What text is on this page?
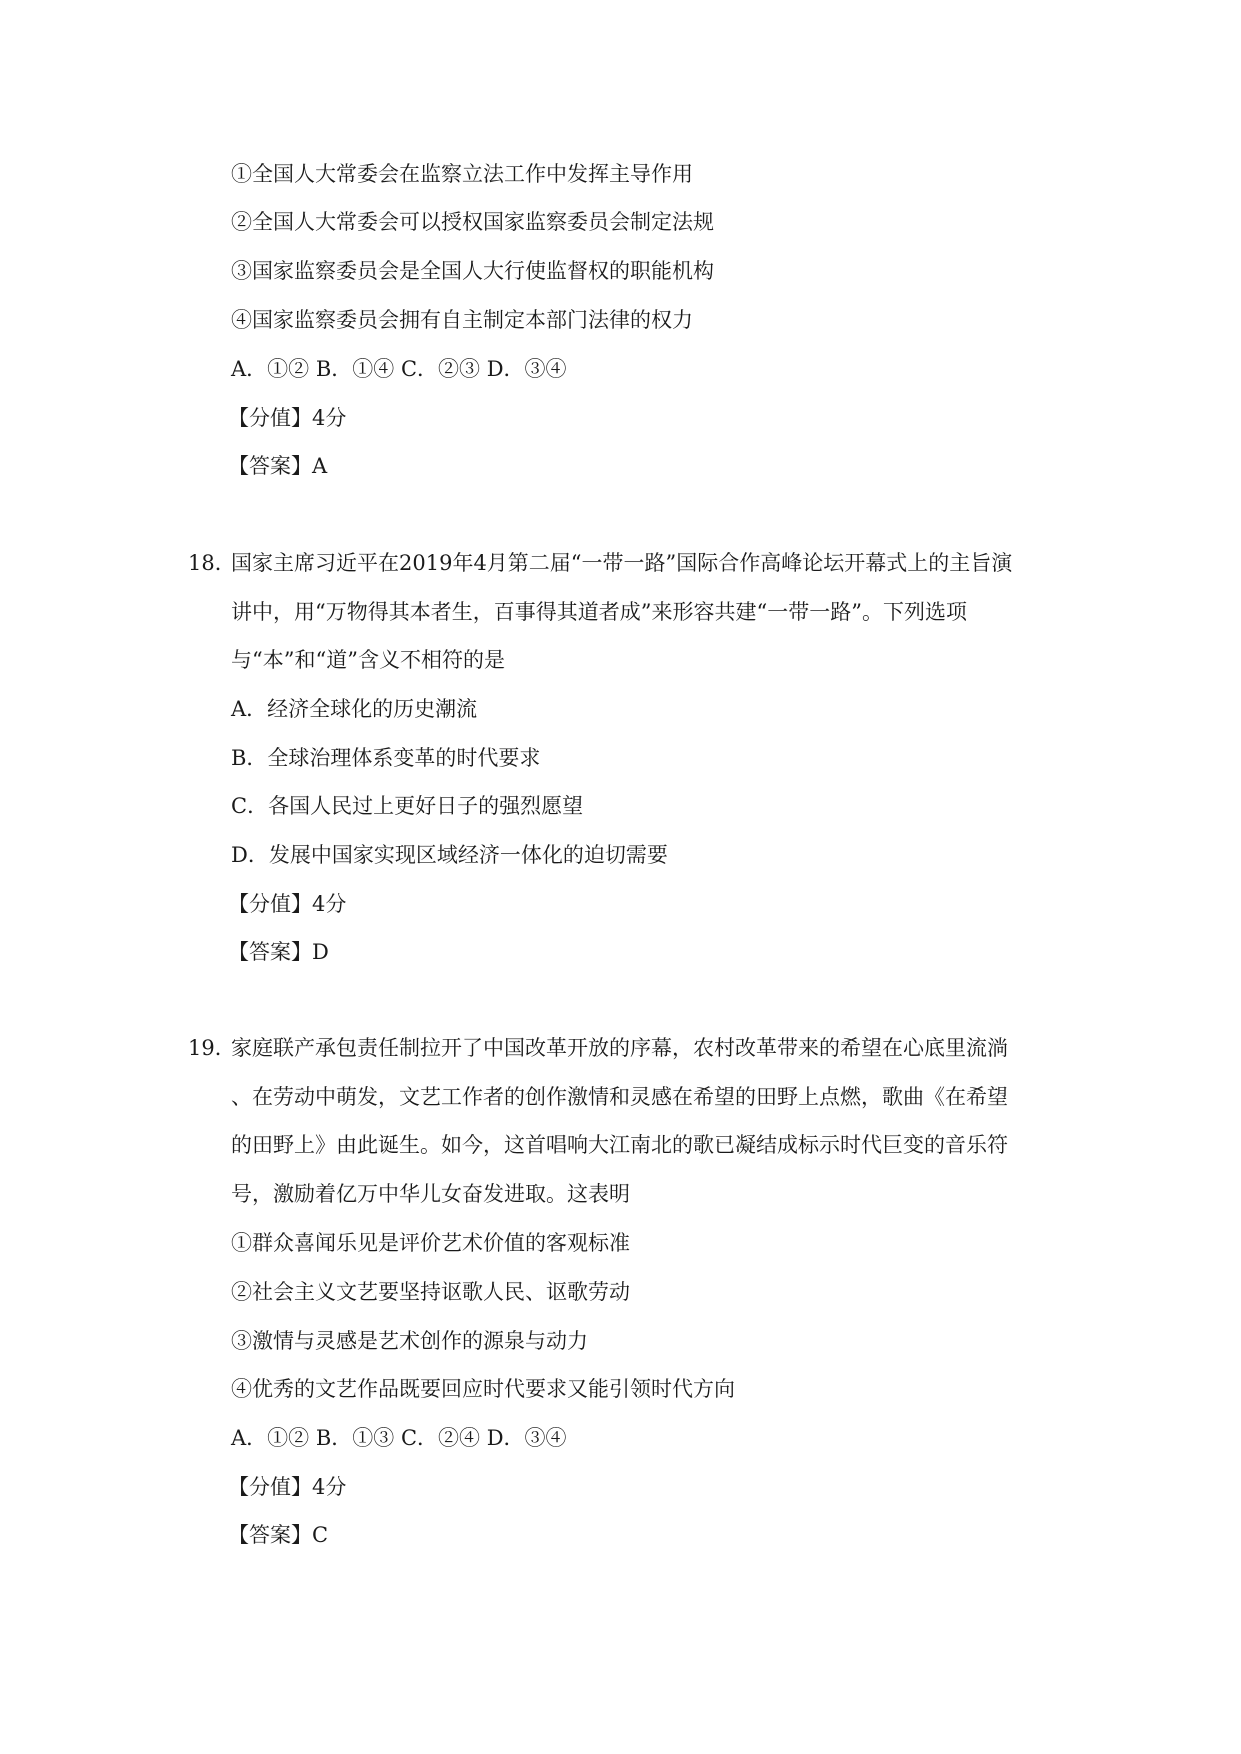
①全国人大常委会在监察立法工作中发挥主导作用
②全国人大常委会可以授权国家监察委员会制定法规
③国家监察委员会是全国人大行使监督权的职能机构
④国家监察委员会拥有自主制定本部门法律的权力
A．①② B．①④ C．②③ D．③④
【分值】4分
【答案】A
18．
国家主席习近平在2019年4月第二届“一带一路”国际合作高峰论坛开幕式上的主旨演
讲中，用“万物得其本者生，百事得其道者成”来形容共建“一带一路”。下列选项
与“本”和“道”含义不相符的是
A．经济全球化的历史潮流
B．全球治理体系变革的时代要求
C．各国人民过上更好日子的强烈愿望
D．发展中国家实现区域经济一体化的迫切需要
【分值】4分
【答案】D
19．
家庭联产承包责任制拉开了中国改革开放的序幕，农村改革带来的希望在心底里流淌
、在劳动中萌发，文艺工作者的创作激情和灵感在希望的田野上点燃，歌曲《在希望
的田野上》由此诞生。如今，这首唱响大江南北的歌已凝结成标示时代巨变的音乐符
号，激励着亿万中华儿女奋发进取。这表明
①群众喜闻乐见是评价艺术价值的客观标准
②社会主义文艺要坚持讴歌人民、讴歌劳动
③激情与灵感是艺术创作的源泉与动力
④优秀的文艺作品既要回应时代要求又能引领时代方向
A．①② B．①③ C．②④ D．③④
【分值】4分
【答案】C
